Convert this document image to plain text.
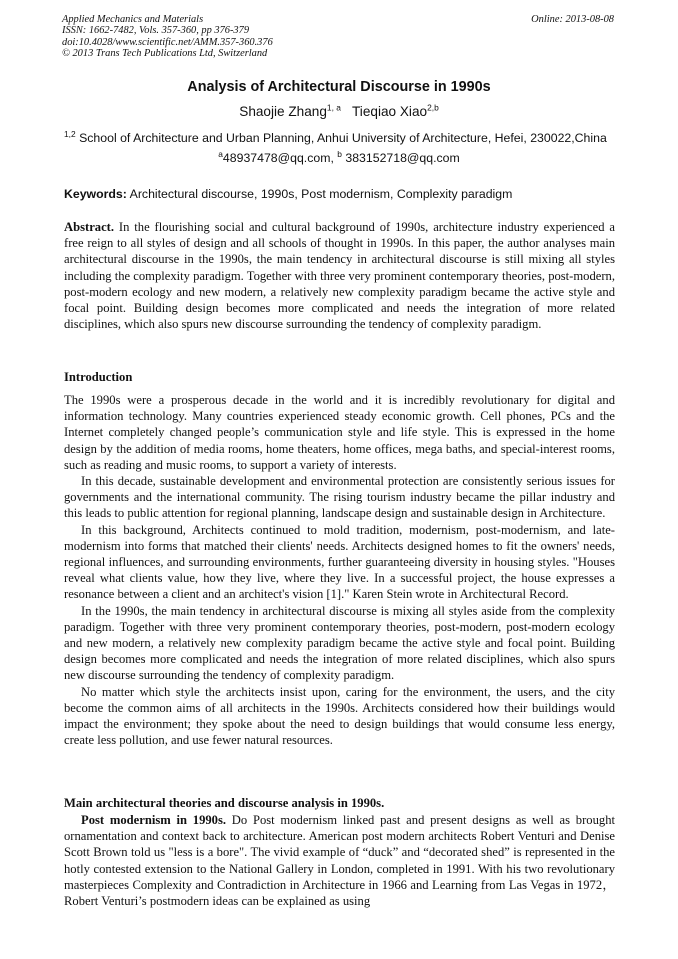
Applied Mechanics and Materials
ISSN: 1662-7482, Vols. 357-360, pp 376-379
doi:10.4028/www.scientific.net/AMM.357-360.376
© 2013 Trans Tech Publications Ltd, Switzerland
Online: 2013-08-08
Analysis of Architectural Discourse in 1990s
Shaojie Zhang$^{1, a}$ Tieqiao Xiao$^{2,b}$
$^{1,2}$ School of Architecture and Urban Planning, Anhui University of Architecture, Hefei, 230022,China
$^a$48937478@qq.com, $^b$ 383152718@qq.com
Keywords: Architectural discourse, 1990s, Post modernism, Complexity paradigm

Abstract. In the flourishing social and cultural background of 1990s, architecture industry experienced a free reign to all styles of design and all schools of thought in 1990s. In this paper, the author analyses main architectural discourse in the 1990s, the main tendency in architectural discourse is still mixing all styles including the complexity paradigm. Together with three very prominent contemporary theories, post-modern, post-modern ecology and new modern, a relatively new complexity paradigm became the active style and focal point. Building design becomes more complicated and needs the integration of more related disciplines, which also spurs new discourse surrounding the tendency of complexity paradigm.

Introduction

The 1990s were a prosperous decade in the world and it is incredibly revolutionary for digital and information technology. Many countries experienced steady economic growth. Cell phones, PCs and the Internet completely changed people’s communication style and life style. This is expressed in the home design by the addition of media rooms, home theaters, home offices, mega baths, and special-interest rooms, such as reading and music rooms, to support a variety of interests.

In this decade, sustainable development and environmental protection are consistently serious issues for governments and the international community. The rising tourism industry became the pillar industry and this leads to public attention for regional planning, landscape design and sustainable design in Architecture.

In this background, Architects continued to mold tradition, modernism, post-modernism, and late-modernism into forms that matched their clients' needs. Architects designed homes to fit the owners' needs, regional influences, and surrounding environments, further guaranteeing diversity in housing styles. "Houses reveal what clients value, how they live, where they live. In a successful project, the house expresses a resonance between a client and an architect's vision [1]." Karen Stein wrote in Architectural Record.

In the 1990s, the main tendency in architectural discourse is mixing all styles aside from the complexity paradigm. Together with three very prominent contemporary theories, post-modern, post-modern ecology and new modern, a relatively new complexity paradigm became the active style and focal point. Building design becomes more complicated and needs the integration of more related disciplines, which also spurs new discourse surrounding the tendency of complexity paradigm.

No matter which style the architects insist upon, caring for the environment, the users, and the city become the common aims of all architects in the 1990s. Architects considered how their buildings would impact the environment; they spoke about the need to design buildings that would consume less energy, create less pollution, and use fewer natural resources.

Main architectural theories and discourse analysis in 1990s.

Post modernism in 1990s. Do Post modernism linked past and present designs as well as brought ornamentation and context back to architecture. American post modern architects Robert Venturi and Denise Scott Brown told us "less is a bore". The vivid example of “duck” and “decorated shed” is represented in the hotly contested extension to the National Gallery in London, completed in 1991. With his two revolutionary masterpieces Complexity and Contradiction in Architecture in 1966 and Learning from Las Vegas in 1972，Robert Venturi’s postmodern ideas can be explained as using
